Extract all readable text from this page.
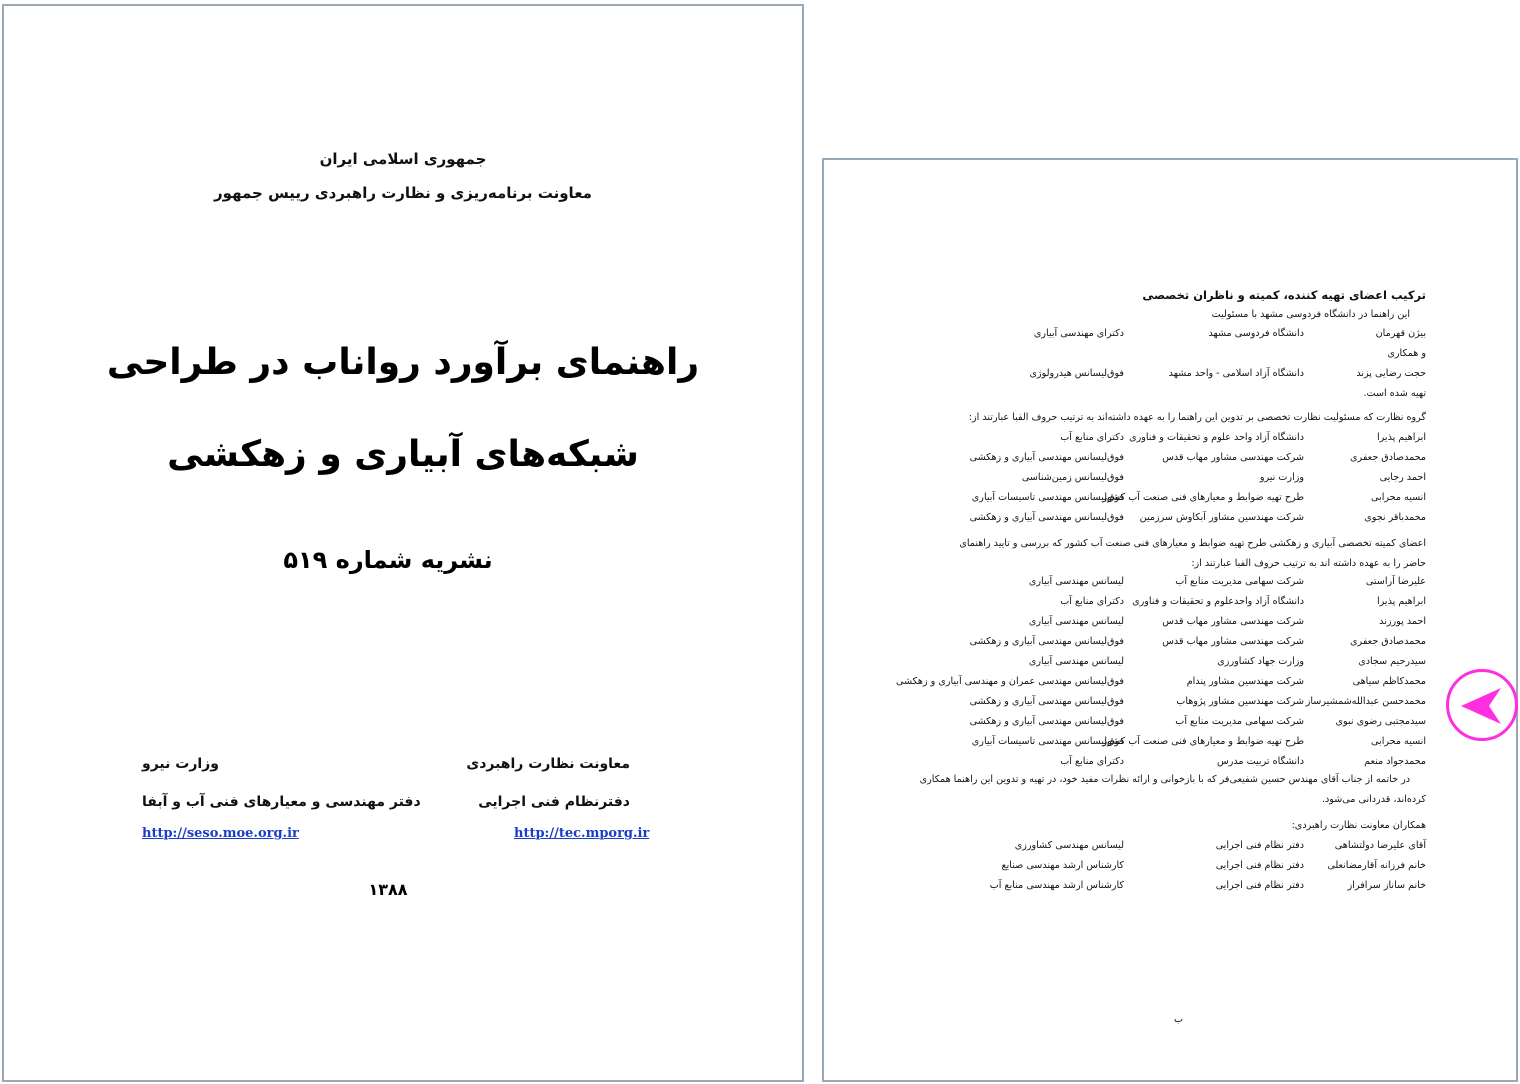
جمهوری اسلامی ایران
معاونت برنامه‌ریزی و نظارت راهبردی رییس جمهور
راهنمای برآورد رواناب در طراحی
شبکه‌های آبیاری و زهکشی
نشریه شماره ۵۱۹
معاونت نظارت راهبردی
دفترنظام فنی اجرایی
http://tec.mporg.ir
وزارت نیرو
دفتر مهندسی و معیارهای فنی آب و آبفا
http://seso.moe.org.ir
۱۳۸۸
ترکیب اعضای تهیه کننده، کمیته و ناظران تخصصی
این راهنما در دانشگاه فردوسی مشهد با مسئولیت
بیژن قهرمان
دانشگاه فردوسی مشهد
دکترای مهندسی آبیاری
و همکاری
حجت رضایی پزند
دانشگاه آزاد اسلامی - واحد مشهد
فوق‌لیسانس هیدرولوژی
تهیه شده است.
گروه نظارت که مسئولیت نظارت تخصصی بر تدوین این راهنما را به عهده داشته‌اند به ترتیب حروف الفبا عبارتند از:
ابراهیم پذیرا
دانشگاه آزاد واحد علوم و تحقیقات و فناوری
دکترای منابع آب
محمدصادق جعفری
شرکت مهندسی مشاور مهاب قدس
فوق‌لیسانس مهندسی آبیاری و زهکشی
احمد رجایی
وزارت نیرو
فوق‌لیسانس زمین‌شناسی
انسیه محرابی
طرح تهیه ضوابط و معیارهای فنی صنعت آب کشور
فوق‌لیسانس مهندسی تاسیسات آبیاری
محمدباقر نجوی
شرکت مهندسین مشاور آبکاوش سرزمین
فوق‌لیسانس مهندسی آبیاری و زهکشی
اعضای کمیته تخصصی آبیاری و زهکشی طرح تهیه ضوابط و معیارهای فنی صنعت آب کشور که بررسی و تایید راهنمای
حاضر را به عهده داشته اند به ترتیب حروف الفبا عبارتند از:
علیرضا آراستی
شرکت سهامی مدیریت منابع آب
لیسانس مهندسی آبیاری
ابراهیم پذیرا
دانشگاه آزاد واحدعلوم و تحقیقات و فناوری
دکترای منابع آب
احمد پورزند
شرکت مهندسی مشاور مهاب قدس
لیسانس مهندسی آبیاری
محمدصادق جعفری
شرکت مهندسی مشاور مهاب قدس
فوق‌لیسانس مهندسی آبیاری و زهکشی
سیدرحیم سجادی
وزارت جهاد کشاورزی
لیسانس مهندسی آبیاری
محمدکاظم سیاهی
شرکت مهندسین مشاور پندام
فوق‌لیسانس مهندسی عمران و مهندسی آبیاری و زهکشی
محمدحسن عبدالله‌شمشیرساز
شرکت مهندسین مشاور پژوهاب
فوق‌لیسانس مهندسی آبیاری و زهکشی
سیدمجتبی رضوی نبوی
شرکت سهامی مدیریت منابع آب
فوق‌لیسانس مهندسی آبیاری و زهکشی
انسیه محرابی
طرح تهیه ضوابط و معیارهای فنی صنعت آب کشور
فوق‌لیسانس مهندسی تاسیسات آبیاری
محمدجواد منعم
دانشگاه تربیت مدرس
دکترای منابع آب
در خاتمه از جناب آقای مهندس حسین شفیعی‌فر که با بازخوانی و ارائه نظرات مفید خود، در تهیه و تدوین این راهنما همکاری
کرده‌اند، قدردانی می‌شود.
همکاران معاونت نظارت راهبردی:
آقای علیرضا دولتشاهی
دفتر نظام فنی اجرایی
لیسانس مهندسی کشاورزی
خانم فرزانه آقارمضانعلی
دفتر نظام فنی اجرایی
کارشناس ارشد مهندسی صنایع
خانم ساناز سرافراز
دفتر نظام فنی اجرایی
کارشناس ارشد مهندسی منابع آب
ب
